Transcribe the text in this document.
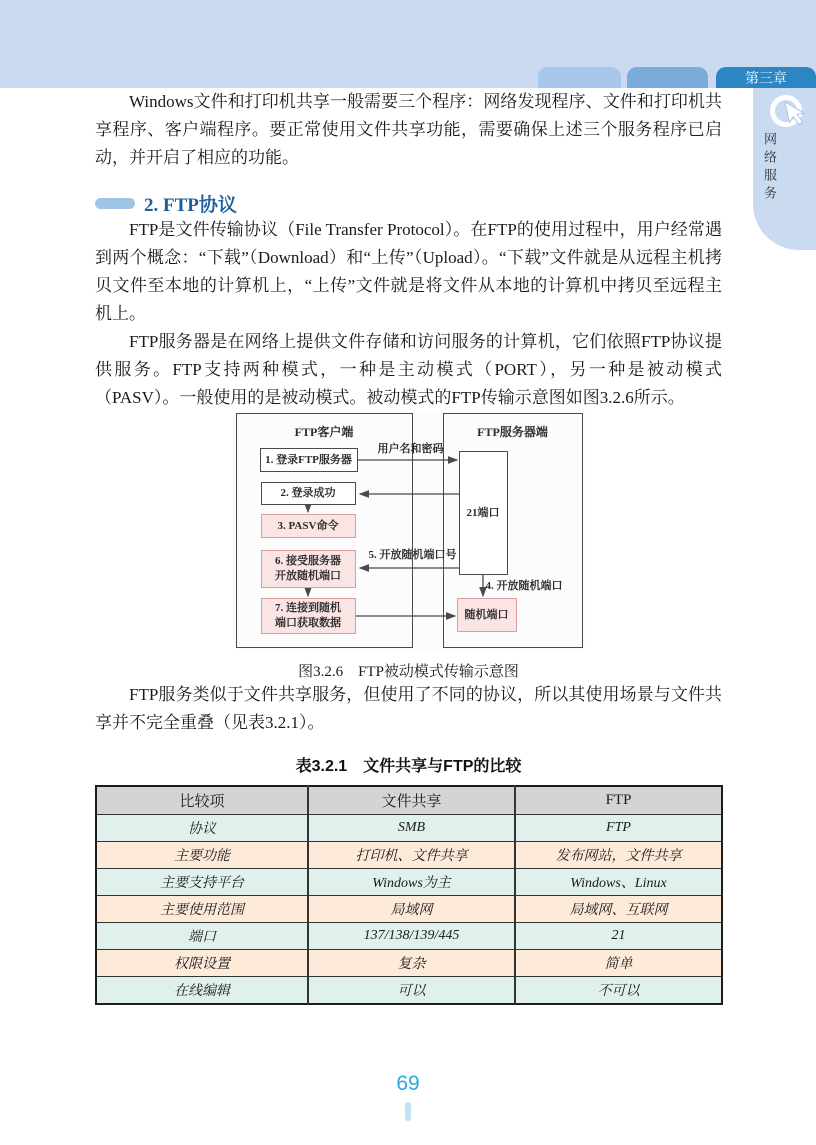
第三章
网络服务

Windows文件和打印机共享一般需要三个程序：网络发现程序、文件和打印机共享程序、客户端程序。要正常使用文件共享功能，需要确保上述三个服务程序已启动，并开启了相应的功能。

2. FTP协议

FTP是文件传输协议（File Transfer Protocol）。在FTP的使用过程中，用户经常遇到两个概念：“下载”（Download）和“上传”（Upload）。“下载”文件就是从远程主机拷贝文件至本地的计算机上，“上传”文件就是将文件从本地的计算机中拷贝至远程主机上。

FTP服务器是在网络上提供文件存储和访问服务的计算机，它们依照FTP协议提供服务。FTP支持两种模式，一种是主动模式（PORT），另一种是被动模式（PASV）。一般使用的是被动模式。被动模式的FTP传输示意图如图3.2.6所示。

FTP客户端	FTP服务器端
1. 登录FTP服务器
2. 登录成功
3. PASV命令
6. 接受服务器
开放随机端口
7. 连接到随机
端口获取数据
21端口
随机端口
用户名和密码
5. 开放随机端口号
4. 开放随机端口
图3.2.6　FTP被动模式传输示意图

FTP服务类似于文件共享服务，但使用了不同的协议，所以其使用场景与文件共享并不完全重叠（见表3.2.1）。

表3.2.1　文件共享与FTP的比较
比较项	文件共享	FTP
协议	SMB	FTP
主要功能	打印机、文件共享	发布网站，文件共享
主要支持平台	Windows为主	Windows、Linux
主要使用范围	局域网	局域网、互联网
端口	137/138/139/445	21
权限设置	复杂	简单
在线编辑	可以	不可以
69
